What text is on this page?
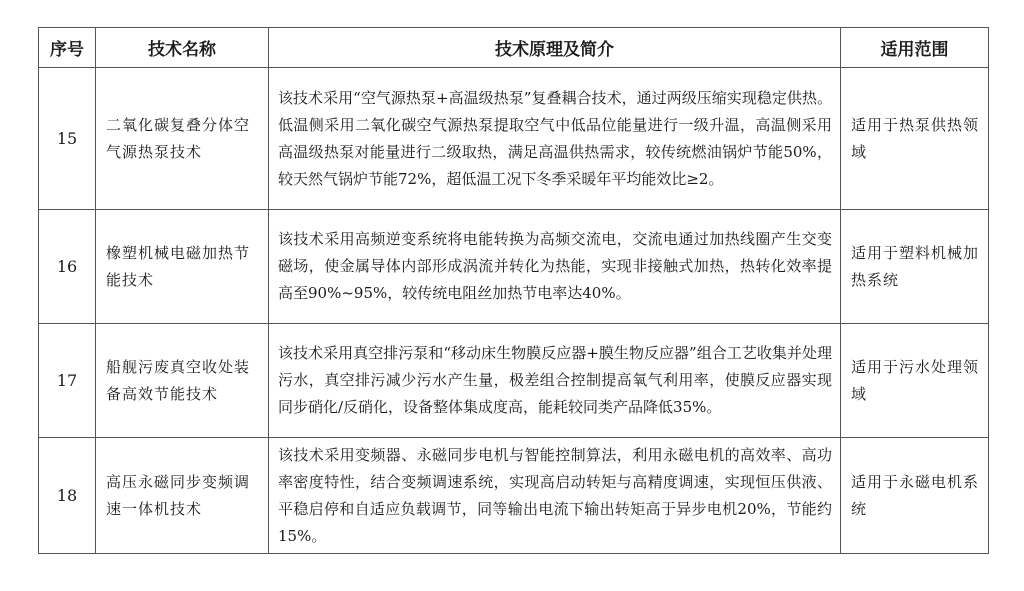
序号	技术名称	技术原理及简介	适用范围
15	二氧化碳复叠分体空气源热泵技术	该技术采用“空气源热泵+高温级热泵”复叠耦合技术，通过两级压缩实现稳定供热。低温侧采用二氧化碳空气源热泵提取空气中低品位能量进行一级升温，高温侧采用高温级热泵对能量进行二级取热，满足高温供热需求，较传统燃油锅炉节能50%，较天然气锅炉节能72%，超低温工况下冬季采暖年平均能效比≥2。	适用于热泵供热领域
16	橡塑机械电磁加热节能技术	该技术采用高频逆变系统将电能转换为高频交流电，交流电通过加热线圈产生交变磁场，使金属导体内部形成涡流并转化为热能，实现非接触式加热，热转化效率提高至90%~95%，较传统电阻丝加热节电率达40%。	适用于塑料机械加热系统
17	船舰污废真空收处装备高效节能技术	该技术采用真空排污泵和“移动床生物膜反应器+膜生物反应器”组合工艺收集并处理污水，真空排污减少污水产生量，极差组合控制提高氧气利用率，使膜反应器实现同步硝化/反硝化，设备整体集成度高，能耗较同类产品降低35%。	适用于污水处理领域
18	高压永磁同步变频调速一体机技术	该技术采用变频器、永磁同步电机与智能控制算法，利用永磁电机的高效率、高功率密度特性，结合变频调速系统，实现高启动转矩与高精度调速，实现恒压供液、平稳启停和自适应负载调节，同等输出电流下输出转矩高于异步电机20%，节能约15%。	适用于永磁电机系统
